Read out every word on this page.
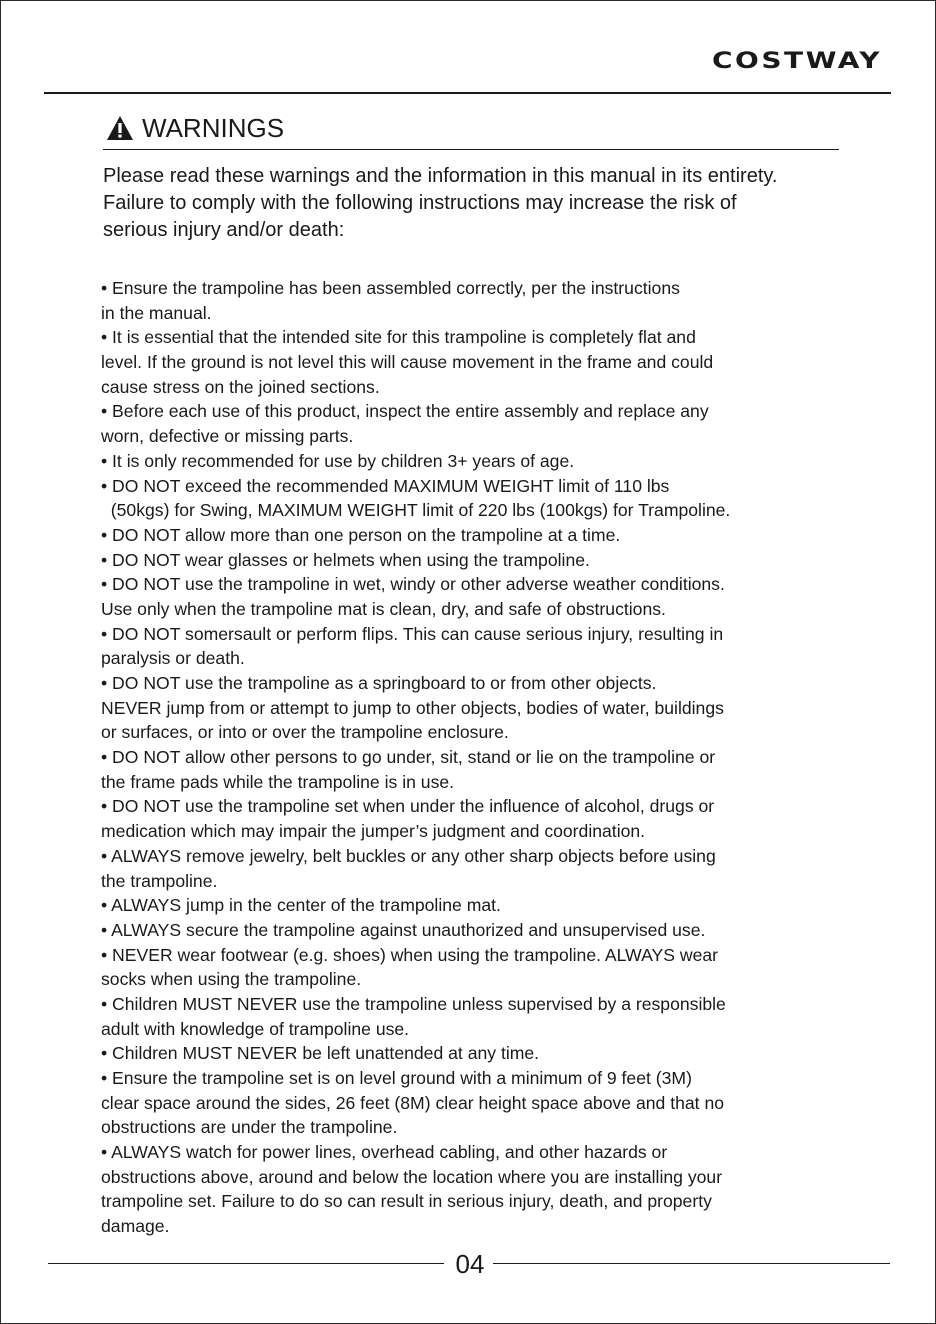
COSTWAY
WARNINGS
Please read these warnings and the information in this manual in its entirety.
Failure to comply with the following instructions may increase the risk of
serious injury and/or death:
• Ensure the trampoline has been assembled correctly, per the instructions
in the manual.
• It is essential that the intended site for this trampoline is completely flat and
level. If the ground is not level this will cause movement in the frame and could
cause stress on the joined sections.
• Before each use of this product, inspect the entire assembly and replace any
worn, defective or missing parts.
• It is only recommended for use by children 3+ years of age.
• DO NOT exceed the recommended MAXIMUM WEIGHT limit of 110 lbs
(50kgs) for Swing, MAXIMUM WEIGHT limit of 220 lbs (100kgs) for Trampoline.
• DO NOT allow more than one person on the trampoline at a time.
• DO NOT wear glasses or helmets when using the trampoline.
• DO NOT use the trampoline in wet, windy or other adverse weather conditions.
Use only when the trampoline mat is clean, dry, and safe of obstructions.
• DO NOT somersault or perform flips. This can cause serious injury, resulting in
paralysis or death.
• DO NOT use the trampoline as a springboard to or from other objects.
NEVER jump from or attempt to jump to other objects, bodies of water, buildings
or surfaces, or into or over the trampoline enclosure.
• DO NOT allow other persons to go under, sit, stand or lie on the trampoline or
the frame pads while the trampoline is in use.
• DO NOT use the trampoline set when under the influence of alcohol, drugs or
medication which may impair the jumper’s judgment and coordination.
• ALWAYS remove jewelry, belt buckles or any other sharp objects before using
the trampoline.
• ALWAYS jump in the center of the trampoline mat.
• ALWAYS secure the trampoline against unauthorized and unsupervised use.
• NEVER wear footwear (e.g. shoes) when using the trampoline. ALWAYS wear
socks when using the trampoline.
• Children MUST NEVER use the trampoline unless supervised by a responsible
adult with knowledge of trampoline use.
• Children MUST NEVER be left unattended at any time.
• Ensure the trampoline set is on level ground with a minimum of 9 feet (3M)
clear space around the sides, 26 feet (8M) clear height space above and that no
obstructions are under the trampoline.
• ALWAYS watch for power lines, overhead cabling, and other hazards or
obstructions above, around and below the location where you are installing your
trampoline set. Failure to do so can result in serious injury, death, and property
damage.
04
